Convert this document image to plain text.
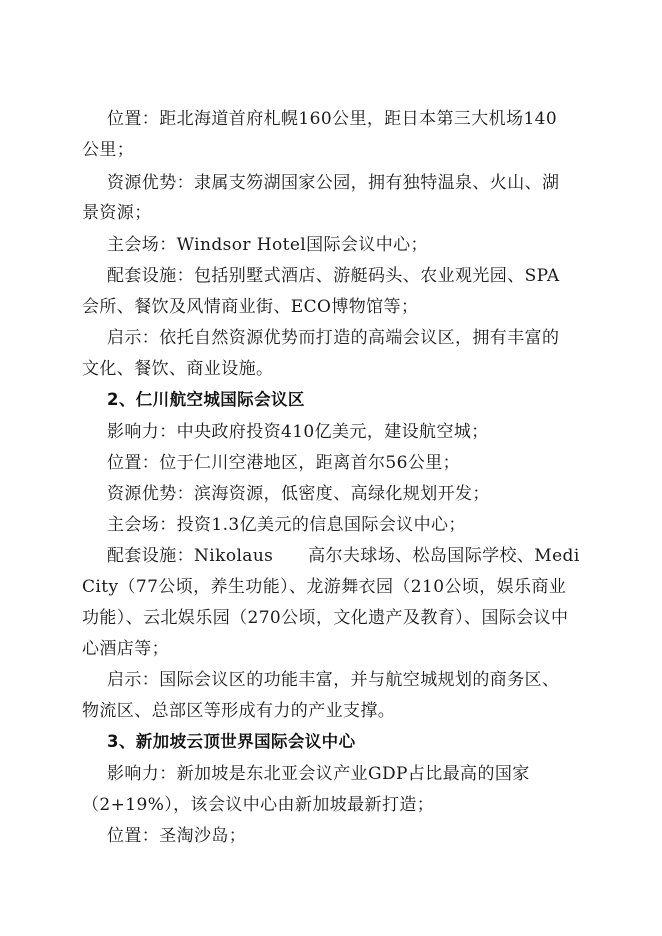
位置：距北海道首府札幌160公里，距日本第三大机场140
公里；
资源优势：隶属支笏湖国家公园，拥有独特温泉、火山、湖
景资源；
主会场：Windsor Hotel国际会议中心；
配套设施：包括别墅式酒店、游艇码头、农业观光园、SPA
会所、餐饮及风情商业街、ECO博物馆等；
启示：依托自然资源优势而打造的高端会议区，拥有丰富的
文化、餐饮、商业设施。
2、仁川航空城国际会议区
影响力：中央政府投资410亿美元，建设航空城；
位置：位于仁川空港地区，距离首尔56公里；
资源优势：滨海资源，低密度、高绿化规划开发；
主会场：投资1.3亿美元的信息国际会议中心；
配套设施：Nikolaus　　高尔夫球场、松岛国际学校、Medi
City（77公顷，养生功能）、龙游舞衣园（210公顷，娱乐商业
功能）、云北娱乐园（270公顷，文化遗产及教育）、国际会议中
心酒店等；
启示：国际会议区的功能丰富，并与航空城规划的商务区、
物流区、总部区等形成有力的产业支撑。
3、新加坡云顶世界国际会议中心
影响力：新加坡是东北亚会议产业GDP占比最高的国家
（2+19%），该会议中心由新加坡最新打造；
位置：圣淘沙岛；
